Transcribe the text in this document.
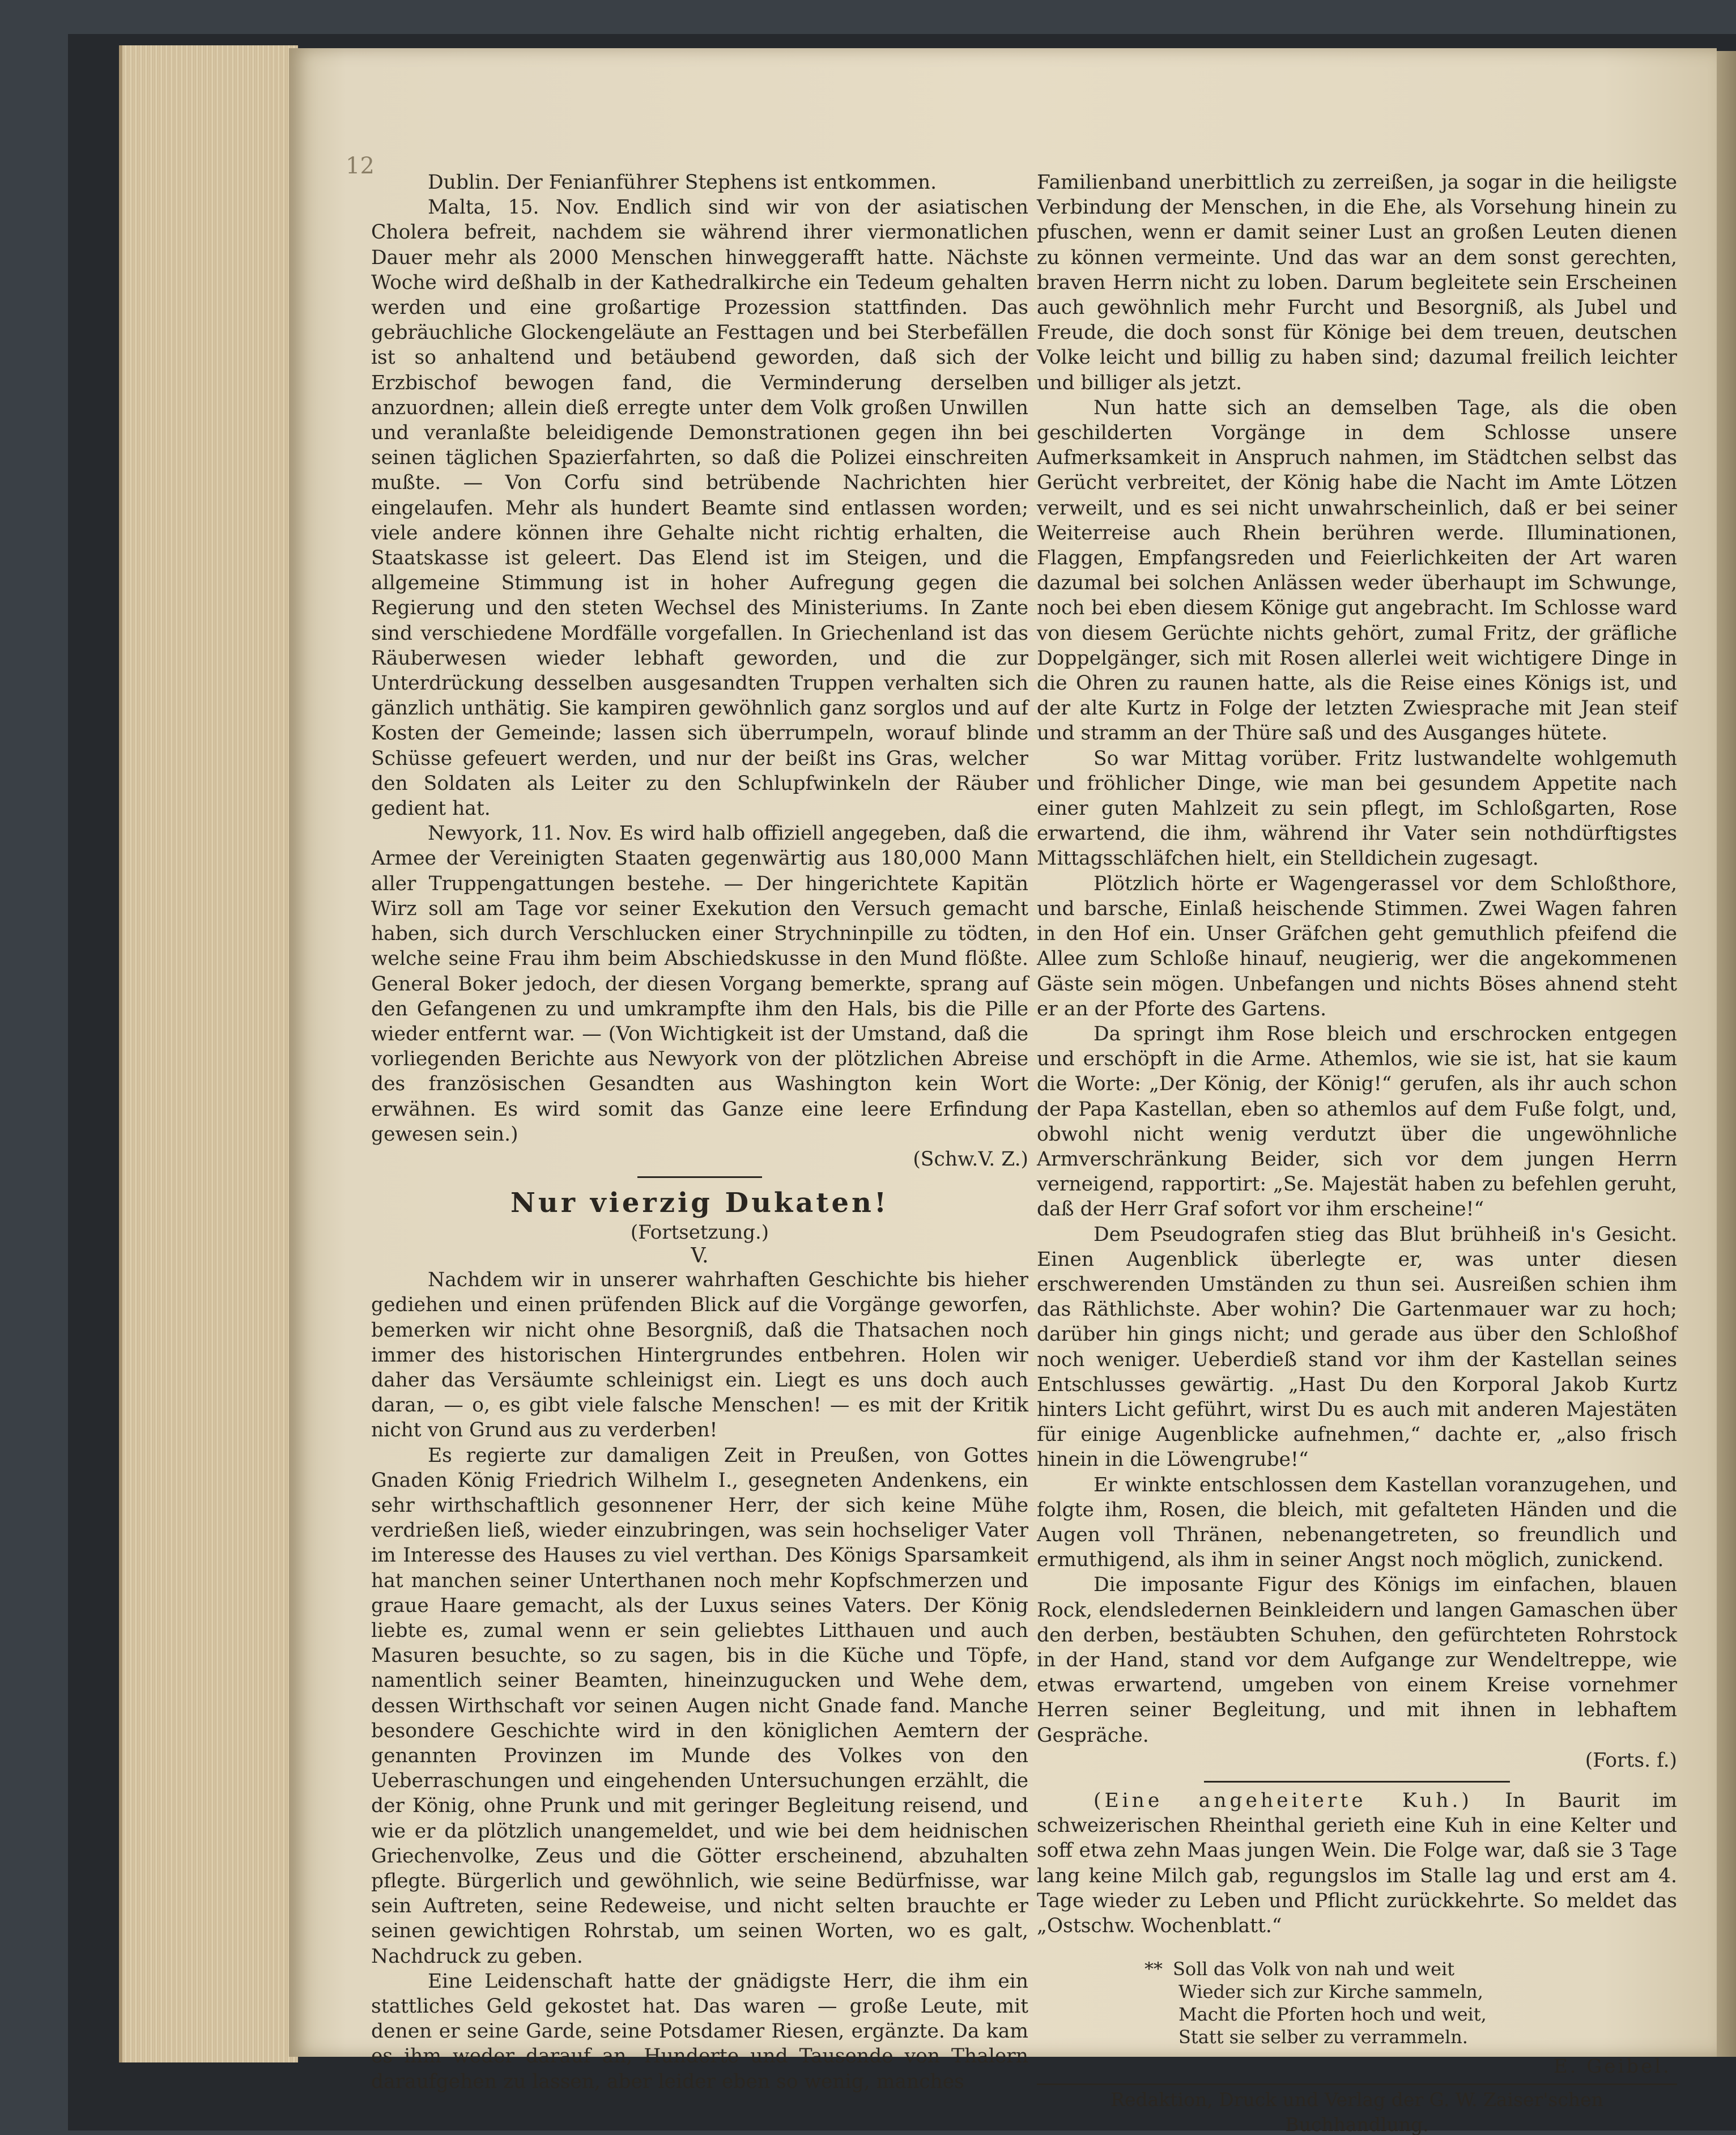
12

Dublin. Der Fenianführer Stephens ist entkommen.

Malta, 15. Nov. Endlich sind wir von der asiatischen Cholera befreit, nachdem sie während ihrer viermonatlichen Dauer mehr als 2000 Menschen hinweggerafft hatte. Nächste Woche wird deßhalb in der Kathedralkirche ein Tedeum gehalten werden und eine großartige Prozession stattfinden. Das gebräuchliche Glockengeläute an Festtagen und bei Sterbefällen ist so anhaltend und betäubend geworden, daß sich der Erzbischof bewogen fand, die Verminderung derselben anzuordnen; allein dieß erregte unter dem Volk großen Unwillen und veranlaßte beleidigende Demonstrationen gegen ihn bei seinen täglichen Spazierfahrten, so daß die Polizei einschreiten mußte. — Von Corfu sind betrübende Nachrichten hier eingelaufen. Mehr als hundert Beamte sind entlassen worden; viele andere können ihre Gehalte nicht richtig erhalten, die Staatskasse ist geleert. Das Elend ist im Steigen, und die allgemeine Stimmung ist in hoher Aufregung gegen die Regierung und den steten Wechsel des Ministeriums. In Zante sind verschiedene Mordfälle vorgefallen. In Griechenland ist das Räuberwesen wieder lebhaft geworden, und die zur Unterdrückung desselben ausgesandten Truppen verhalten sich gänzlich unthätig. Sie kampiren gewöhnlich ganz sorglos und auf Kosten der Gemeinde; lassen sich überrumpeln, worauf blinde Schüsse gefeuert werden, und nur der beißt ins Gras, welcher den Soldaten als Leiter zu den Schlupfwinkeln der Räuber gedient hat.

Newyork, 11. Nov. Es wird halb offiziell angegeben, daß die Armee der Vereinigten Staaten gegenwärtig aus 180,000 Mann aller Truppengattungen bestehe. — Der hingerichtete Kapitän Wirz soll am Tage vor seiner Exekution den Versuch gemacht haben, sich durch Verschlucken einer Strychninpille zu tödten, welche seine Frau ihm beim Abschiedskusse in den Mund flößte. General Boker jedoch, der diesen Vorgang bemerkte, sprang auf den Gefangenen zu und umkrampfte ihm den Hals, bis die Pille wieder entfernt war. — (Von Wichtigkeit ist der Umstand, daß die vorliegenden Berichte aus Newyork von der plötzlichen Abreise des französischen Gesandten aus Washington kein Wort erwähnen. Es wird somit das Ganze eine leere Erfindung gewesen sein.)

(Schw.V. Z.)

Nur vierzig Dukaten!
(Fortsetzung.)
V.

Nachdem wir in unserer wahrhaften Geschichte bis hieher gediehen und einen prüfenden Blick auf die Vorgänge geworfen, bemerken wir nicht ohne Besorgniß, daß die Thatsachen noch immer des historischen Hintergrundes entbehren. Holen wir daher das Versäumte schleinigst ein. Liegt es uns doch auch daran, — o, es gibt viele falsche Menschen! — es mit der Kritik nicht von Grund aus zu verderben!

Es regierte zur damaligen Zeit in Preußen, von Gottes Gnaden König Friedrich Wilhelm I., gesegneten Andenkens, ein sehr wirthschaftlich gesonnener Herr, der sich keine Mühe verdrießen ließ, wieder einzubringen, was sein hochseliger Vater im Interesse des Hauses zu viel verthan. Des Königs Sparsamkeit hat manchen seiner Unterthanen noch mehr Kopfschmerzen und graue Haare gemacht, als der Luxus seines Vaters. Der König liebte es, zumal wenn er sein geliebtes Litthauen und auch Masuren besuchte, so zu sagen, bis in die Küche und Töpfe, namentlich seiner Beamten, hineinzugucken und Wehe dem, dessen Wirthschaft vor seinen Augen nicht Gnade fand. Manche besondere Geschichte wird in den königlichen Aemtern der genannten Provinzen im Munde des Volkes von den Ueberraschungen und eingehenden Untersuchungen erzählt, die der König, ohne Prunk und mit geringer Begleitung reisend, und wie er da plötzlich unangemeldet, und wie bei dem heidnischen Griechenvolke, Zeus und die Götter erscheinend, abzuhalten pflegte. Bürgerlich und gewöhnlich, wie seine Bedürfnisse, war sein Auftreten, seine Redeweise, und nicht selten brauchte er seinen gewichtigen Rohrstab, um seinen Worten, wo es galt, Nachdruck zu geben.

Eine Leidenschaft hatte der gnädigste Herr, die ihm ein stattliches Geld gekostet hat. Das waren — große Leute, mit denen er seine Garde, seine Potsdamer Riesen, ergänzte. Da kam es ihm weder darauf an, Hunderte und Tausende von Thalern daraufgehen zu lassen, aber leider eben so wenig, manches

Familienband unerbittlich zu zerreißen, ja sogar in die heiligste Verbindung der Menschen, in die Ehe, als Vorsehung hinein zu pfuschen, wenn er damit seiner Lust an großen Leuten dienen zu können vermeinte. Und das war an dem sonst gerechten, braven Herrn nicht zu loben. Darum begleitete sein Erscheinen auch gewöhnlich mehr Furcht und Besorgniß, als Jubel und Freude, die doch sonst für Könige bei dem treuen, deutschen Volke leicht und billig zu haben sind; dazumal freilich leichter und billiger als jetzt.

Nun hatte sich an demselben Tage, als die oben geschilderten Vorgänge in dem Schlosse unsere Aufmerksamkeit in Anspruch nahmen, im Städtchen selbst das Gerücht verbreitet, der König habe die Nacht im Amte Lötzen verweilt, und es sei nicht unwahrscheinlich, daß er bei seiner Weiterreise auch Rhein berühren werde. Illuminationen, Flaggen, Empfangsreden und Feierlichkeiten der Art waren dazumal bei solchen Anlässen weder überhaupt im Schwunge, noch bei eben diesem Könige gut angebracht. Im Schlosse ward von diesem Gerüchte nichts gehört, zumal Fritz, der gräfliche Doppelgänger, sich mit Rosen allerlei weit wichtigere Dinge in die Ohren zu raunen hatte, als die Reise eines Königs ist, und der alte Kurtz in Folge der letzten Zwiesprache mit Jean steif und stramm an der Thüre saß und des Ausganges hütete.

So war Mittag vorüber. Fritz lustwandelte wohlgemuth und fröhlicher Dinge, wie man bei gesundem Appetite nach einer guten Mahlzeit zu sein pflegt, im Schloßgarten, Rose erwartend, die ihm, während ihr Vater sein nothdürftigstes Mittagsschläfchen hielt, ein Stelldichein zugesagt.

Plötzlich hörte er Wagengerassel vor dem Schloßthore, und barsche, Einlaß heischende Stimmen. Zwei Wagen fahren in den Hof ein. Unser Gräfchen geht gemuthlich pfeifend die Allee zum Schloße hinauf, neugierig, wer die angekommenen Gäste sein mögen. Unbefangen und nichts Böses ahnend steht er an der Pforte des Gartens.

Da springt ihm Rose bleich und erschrocken entgegen und erschöpft in die Arme. Athemlos, wie sie ist, hat sie kaum die Worte: „Der König, der König!“ gerufen, als ihr auch schon der Papa Kastellan, eben so athemlos auf dem Fuße folgt, und, obwohl nicht wenig verdutzt über die ungewöhnliche Armverschränkung Beider, sich vor dem jungen Herrn verneigend, rapportirt: „Se. Majestät haben zu befehlen geruht, daß der Herr Graf sofort vor ihm erscheine!“

Dem Pseudografen stieg das Blut brühheiß in's Gesicht. Einen Augenblick überlegte er, was unter diesen erschwerenden Umständen zu thun sei. Ausreißen schien ihm das Räthlichste. Aber wohin? Die Gartenmauer war zu hoch; darüber hin gings nicht; und gerade aus über den Schloßhof noch weniger. Ueberdieß stand vor ihm der Kastellan seines Entschlusses gewärtig. „Hast Du den Korporal Jakob Kurtz hinters Licht geführt, wirst Du es auch mit anderen Majestäten für einige Augenblicke aufnehmen,“ dachte er, „also frisch hinein in die Löwengrube!“

Er winkte entschlossen dem Kastellan voranzugehen, und folgte ihm, Rosen, die bleich, mit gefalteten Händen und die Augen voll Thränen, nebenangetreten, so freundlich und ermuthigend, als ihm in seiner Angst noch möglich, zunickend.

Die imposante Figur des Königs im einfachen, blauen Rock, elendsledernen Beinkleidern und langen Gamaschen über den derben, bestäubten Schuhen, den gefürchteten Rohrstock in der Hand, stand vor dem Aufgange zur Wendeltreppe, wie etwas erwartend, umgeben von einem Kreise vornehmer Herren seiner Begleitung, und mit ihnen in lebhaftem Gespräche.

(Forts. f.)

(Eine angeheiterte Kuh.) In Baurit im schweizerischen Rheinthal gerieth eine Kuh in eine Kelter und soff etwa zehn Maas jungen Wein. Die Folge war, daß sie 3 Tage lang keine Milch gab, regungslos im Stalle lag und erst am 4. Tage wieder zu Leben und Pflicht zurückkehrte. So meldet das „Ostschw. Wochenblatt.“

** Soll das Volk von nah und weit
Wieder sich zur Kirche sammeln,
Macht die Pforten hoch und weit,
Statt sie selber zu verrammeln.
E. Geibel.
Redaktion, Druck und Verlag der G. W. Zaiser'schen Buchhandlung.
